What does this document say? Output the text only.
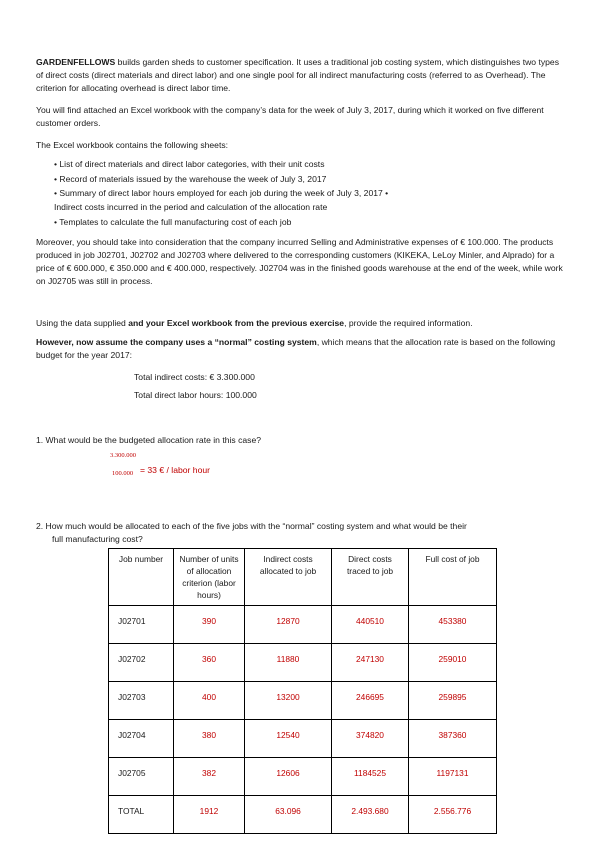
GARDENFELLOWS builds garden sheds to customer specification. It uses a traditional job costing system, which distinguishes two types of direct costs (direct materials and direct labor) and one single pool for all indirect manufacturing costs (referred to as Overhead). The criterion for allocating overhead is direct labor time.

You will find attached an Excel workbook with the company’s data for the week of July 3, 2017, during which it worked on five different customer orders.

The Excel workbook contains the following sheets:

• List of direct materials and direct labor categories, with their unit costs
• Record of materials issued by the warehouse the week of July 3, 2017
• Summary of direct labor hours employed for each job during the week of July 3, 2017 •
Indirect costs incurred in the period and calculation of the allocation rate
• Templates to calculate the full manufacturing cost of each job

Moreover, you should take into consideration that the company incurred Selling and Administrative expenses of € 100.000. The products produced in job J02701, J02702 and J02703 where delivered to the corresponding customers (KIKEKA, LeLoy Minler, and Alprado) for a price of € 600.000, € 350.000 and € 400.000, respectively. J02704 was in the finished goods warehouse at the end of the week, while work on J02705 was still in process.

Using the data supplied and your Excel workbook from the previous exercise, provide the required information.

However, now assume the company uses a “normal” costing system, which means that the allocation rate is based on the following budget for the year 2017:

Total indirect costs: € 3.300.000
Total direct labor hours: 100.000
1. What would be the budgeted allocation rate in this case?
3.300.000
100.000 = 33 € / labor hour
2. How much would be allocated to each of the five jobs with the “normal” costing system and what would be their
full manufacturing cost?
Job number	Number of units of allocation criterion (labor hours)	Indirect costs allocated to job	Direct costs traced to job	Full cost of job
J02701	390	12870	440510	453380
J02702	360	11880	247130	259010
J02703	400	13200	246695	259895
J02704	380	12540	374820	387360
J02705	382	12606	1184525	1197131
TOTAL	1912	63.096	2.493.680	2.556.776
